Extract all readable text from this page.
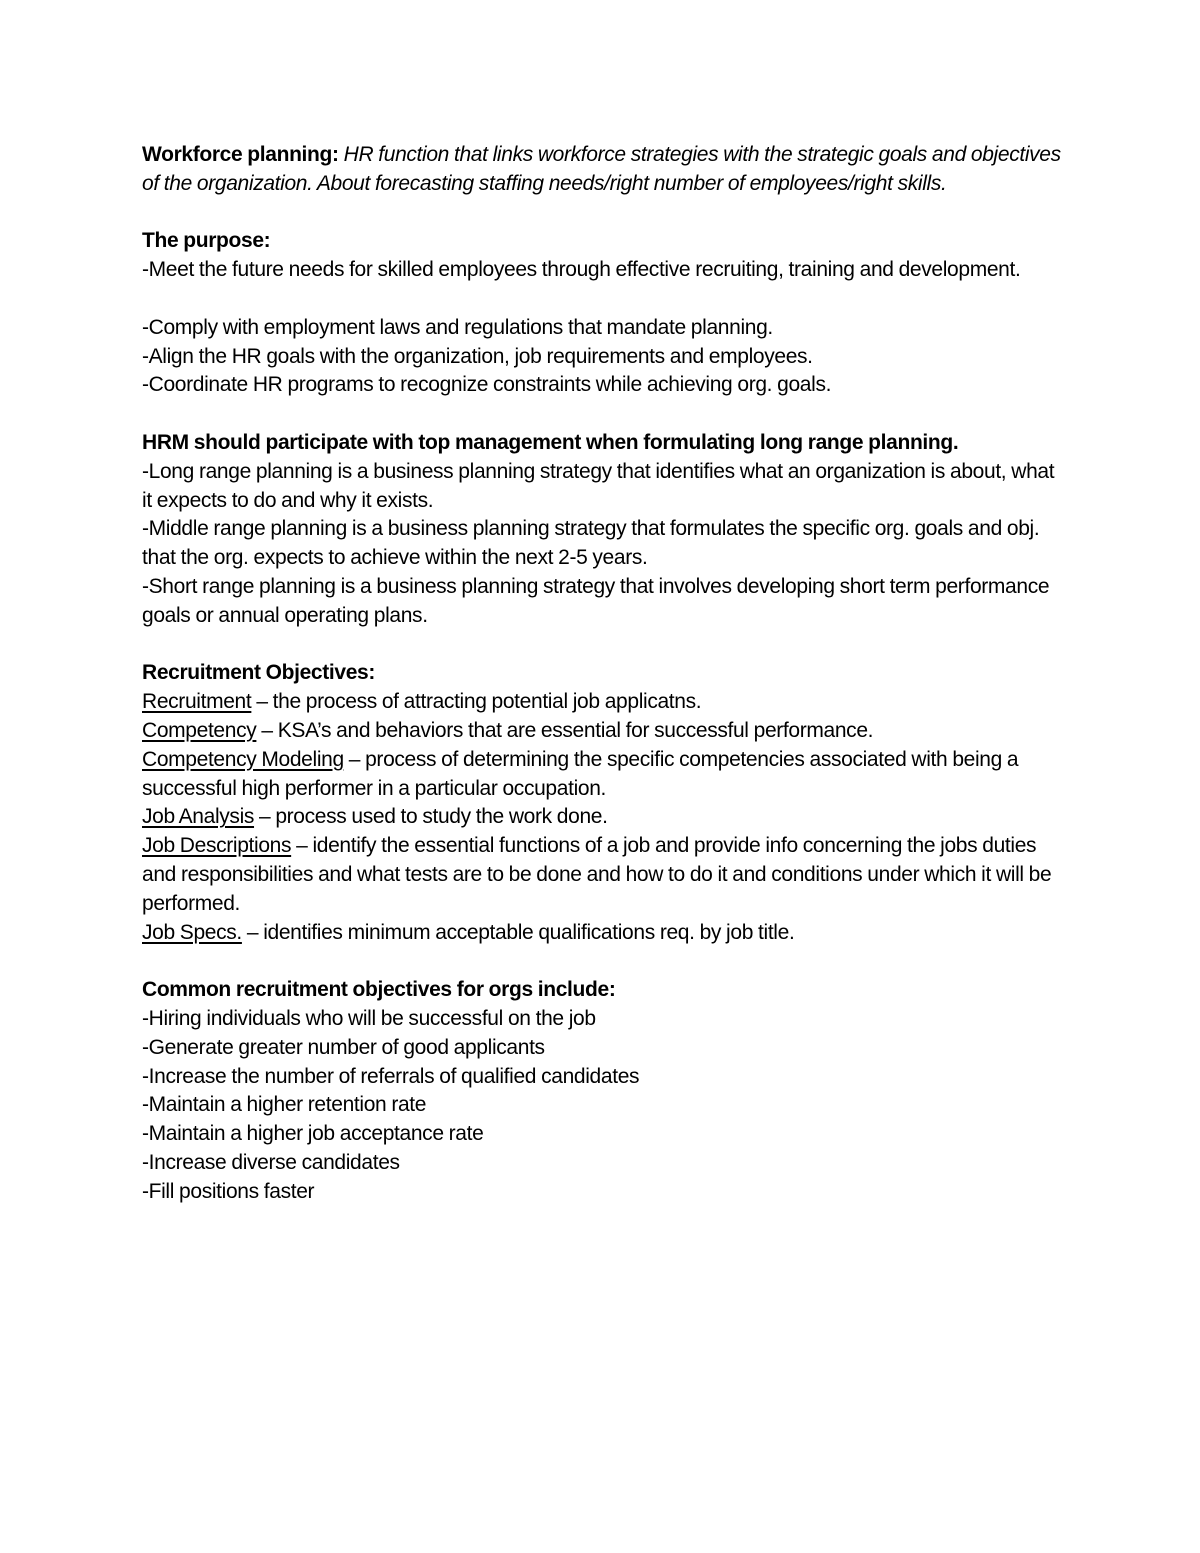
Workforce planning: HR function that links workforce strategies with the strategic goals and objectives of the organization. About forecasting staffing needs/right number of employees/right skills.

The purpose:

-Meet the future needs for skilled employees through effective recruiting, training and development.

-Comply with employment laws and regulations that mandate planning.

-Align the HR goals with the organization, job requirements and employees.

-Coordinate HR programs to recognize constraints while achieving org. goals.

HRM should participate with top management when formulating long range planning.

-Long range planning is a business planning strategy that identifies what an organization is about, what it expects to do and why it exists.

-Middle range planning is a business planning strategy that formulates the specific org. goals and obj. that the org. expects to achieve within the next 2-5 years.

-Short range planning is a business planning strategy that involves developing short term performance goals or annual operating plans.

Recruitment Objectives:

Recruitment – the process of attracting potential job applicatns.

Competency – KSA’s and behaviors that are essential for successful performance.

Competency Modeling – process of determining the specific competencies associated with being a successful high performer in a particular occupation.

Job Analysis – process used to study the work done.

Job Descriptions – identify the essential functions of a job and provide info concerning the jobs duties and responsibilities and what tests are to be done and how to do it and conditions under which it will be performed.

Job Specs. – identifies minimum acceptable qualifications req. by job title.

Common recruitment objectives for orgs include:

-Hiring individuals who will be successful on the job

-Generate greater number of good applicants

-Increase the number of referrals of qualified candidates

-Maintain a higher retention rate

-Maintain a higher job acceptance rate

-Increase diverse candidates

-Fill positions faster
